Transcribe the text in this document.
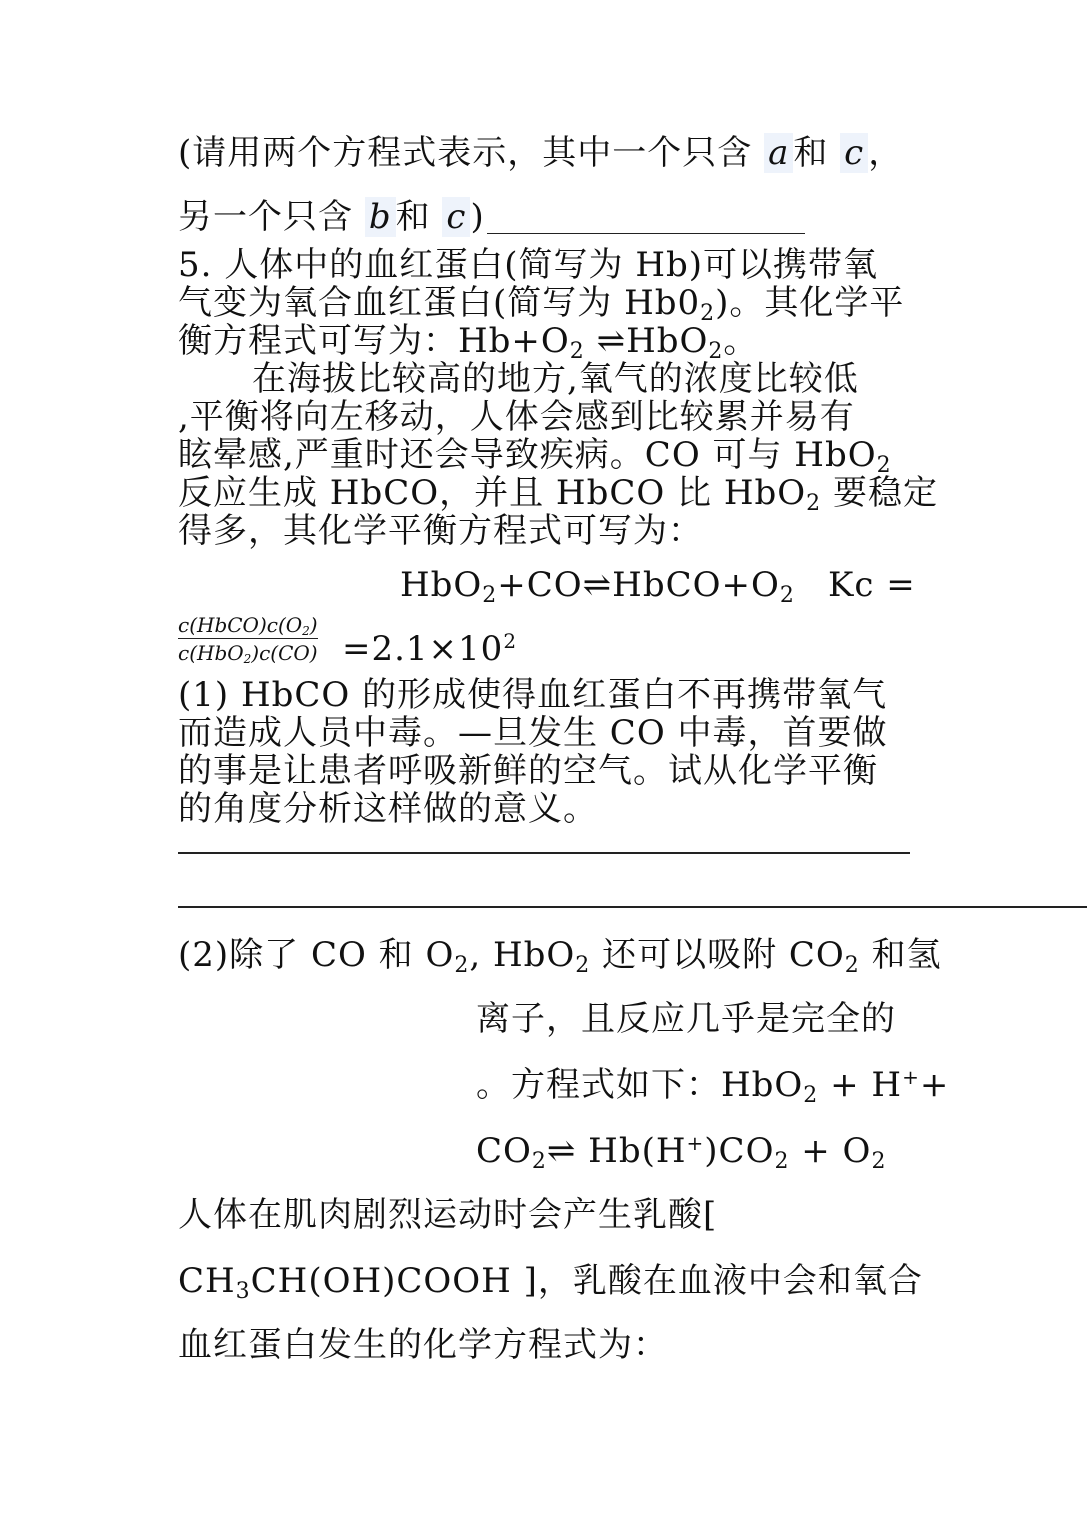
(请用两个方程式表示，其中一个只含 a 和 c ，
另一个只含 b 和 c )
5. 人体中的血红蛋白(简写为 Hb)可以携带氧
气变为氧合血红蛋白(简写为 $Hb0_2$)。其化学平
衡方程式可写为：$Hb+O_2$ ⇌HbO$_2$。
在海拔比较高的地方,氧气的浓度比较低
,平衡将向左移动，人体会感到比较累并易有
眩晕感,严重时还会导致疾病。CO 可与 HbO$_2$
反应生成 HbCO，并且 HbCO 比 HbO$_2$ 要稳定
得多，其化学平衡方程式可写为：
$HbO_2+CO\rightleftharpoons HbCO+O_2$ Kc =
$c(HbCO)c(O_2)$
$c(HbO_2)c(CO) =2.1\times 10^2$
(1) HbCO 的形成使得血红蛋白不再携带氧气
而造成人员中毒。—旦发生 CO 中毒，首要做
的事是让患者呼吸新鲜的空气。试从化学平衡
的角度分析这样做的意义。
(2)除了 CO 和 $O_2$, HbO$_2$ 还可以吸附 $CO_2$ 和氢
离子，且反应几乎是完全的
。方程式如下：HbO$_2$ + H++
$CO_2\rightleftharpoons$ $Hb(H^+)CO_2 + O_2$
人体在肌肉剧烈运动时会产生乳酸[
$CH_3CH(OH)COOH$ ]，乳酸在血液中会和氧合
血红蛋白发生的化学方程式为：
